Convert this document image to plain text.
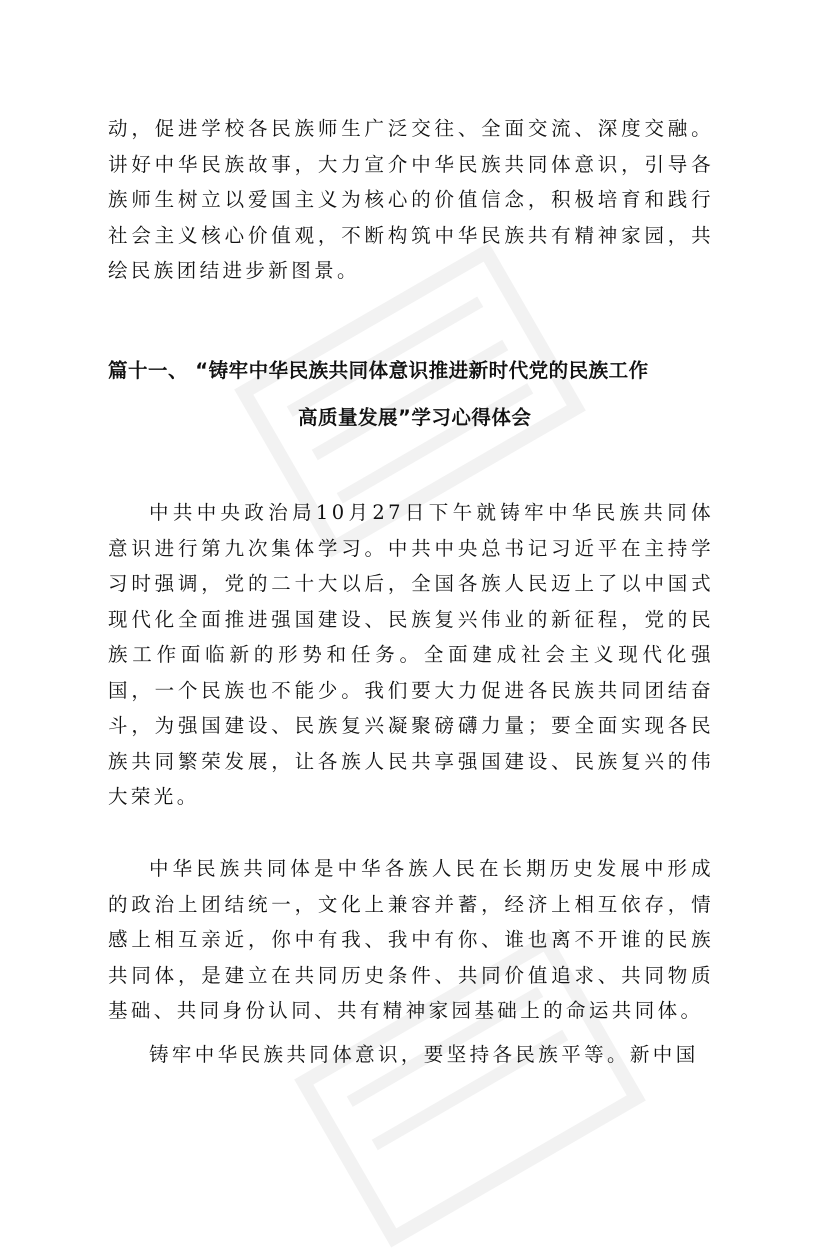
动，促进学校各民族师生广泛交往、全面交流、深度交融。讲好中华民族故事，大力宣介中华民族共同体意识，引导各族师生树立以爱国主义为核心的价值信念，积极培育和践行社会主义核心价值观，不断构筑中华民族共有精神家园，共绘民族团结进步新图景。

篇十一、 “铸牢中华民族共同体意识推进新时代党的民族工作

高质量发展”学习心得体会

中共中央政治局10月27日下午就铸牢中华民族共同体意识进行第九次集体学习。中共中央总书记习近平在主持学习时强调，党的二十大以后，全国各族人民迈上了以中国式现代化全面推进强国建设、民族复兴伟业的新征程，党的民族工作面临新的形势和任务。全面建成社会主义现代化强国，一个民族也不能少。我们要大力促进各民族共同团结奋斗，为强国建设、民族复兴凝聚磅礴力量；要全面实现各民族共同繁荣发展，让各族人民共享强国建设、民族复兴的伟大荣光。

中华民族共同体是中华各族人民在长期历史发展中形成的政治上团结统一，文化上兼容并蓄，经济上相互依存，情感上相互亲近，你中有我、我中有你、谁也离不开谁的民族共同体，是建立在共同历史条件、共同价值追求、共同物质基础、共同身份认同、共有精神家园基础上的命运共同体。

铸牢中华民族共同体意识，要坚持各民族平等。新中国
